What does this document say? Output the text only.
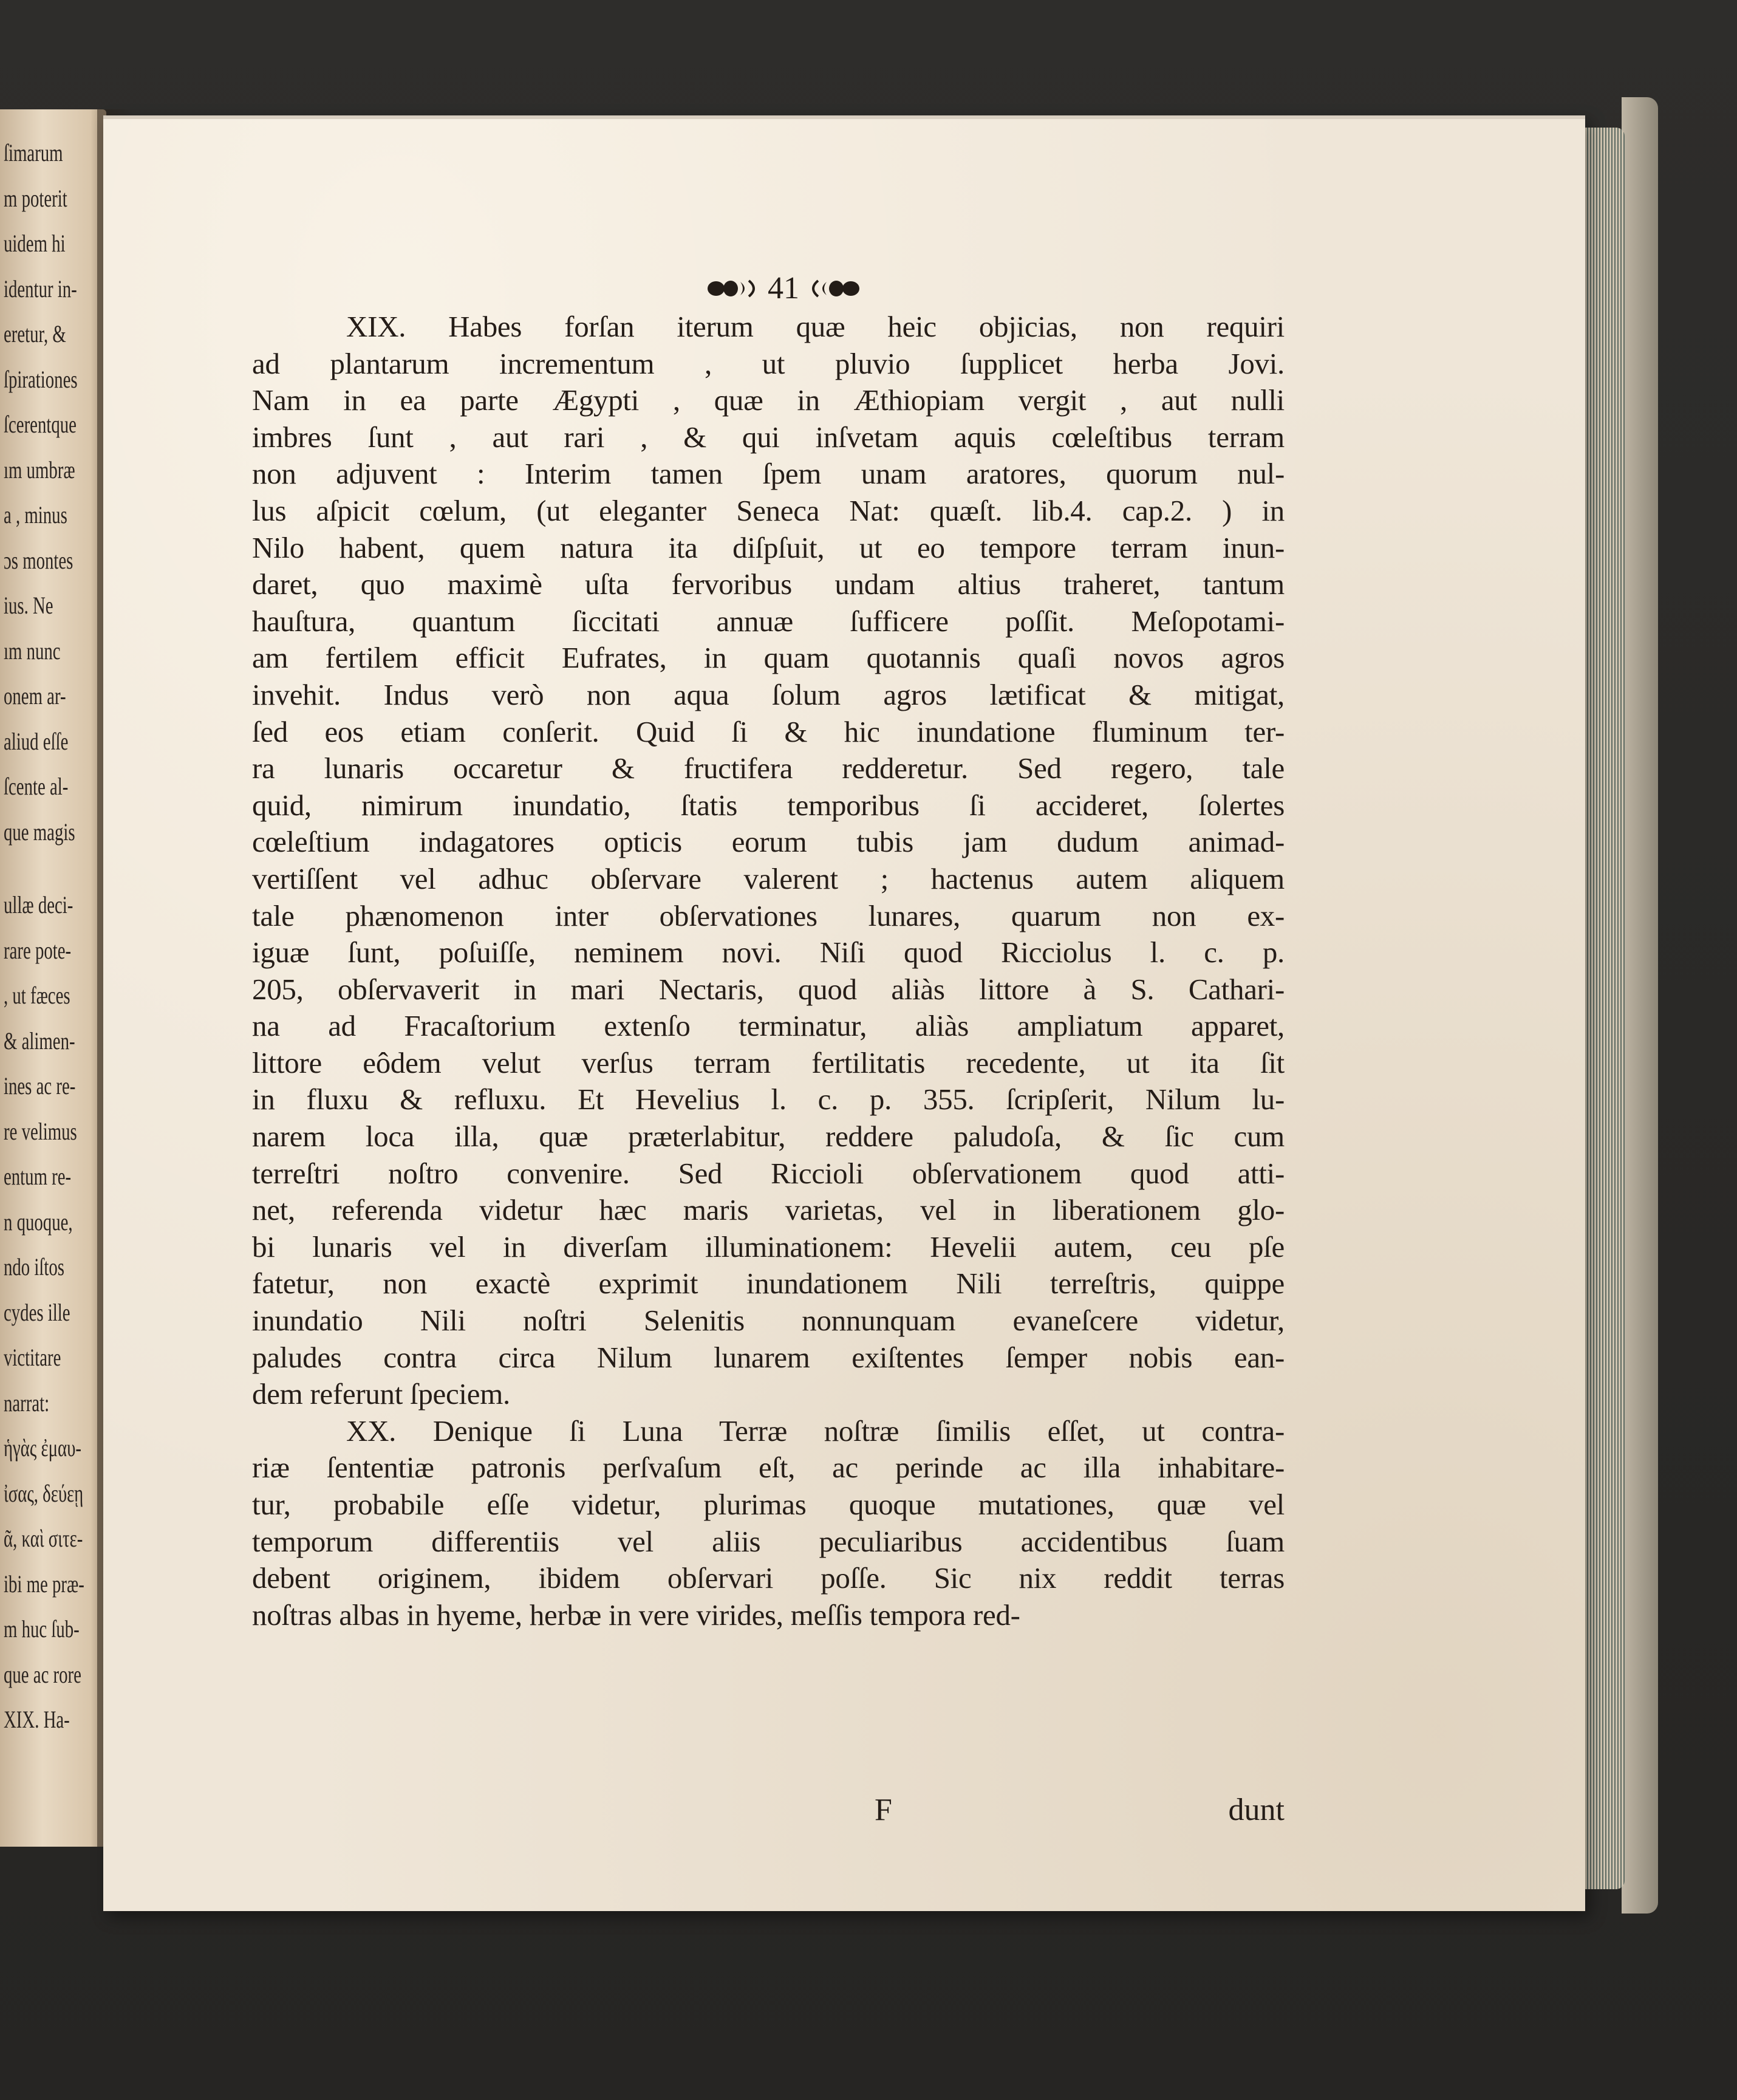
ſimarum
m poterit
uidem hi
identur in-
eretur, &
ſpirationes
ſcerentque
ım umbræ
a , minus
ɔs montes
ius. Ne
ım nunc
onem ar-
aliud eſſe
ſcente al-
que magis
ullæ deci-
rare pote-
, ut fæces
& alimen-
ines ac re-
re velimus
entum re-
n quoque,
ndo iſtos
cydes ille
victitare
narrat:
ἡγὰς ἐμαυ-
ἰσας, δεύεῃ
ᾶ, καὶ σιτε-
ibi me præ-
m huc ſub-
que ac rore
XIX. Ha-
41
XIX. Habes forſan iterum quæ heic objicias, non requiri
ad plantarum incrementum , ut pluvio ſupplicet herba Jovi.
Nam in ea parte Ægypti , quæ in Æthiopiam vergit , aut nulli
imbres ſunt , aut rari , & qui inſvetam aquis cœleſtibus terram
non adjuvent : Interim tamen ſpem unam aratores, quorum nul-
lus aſpicit cœlum, (ut eleganter Seneca Nat: quæſt. lib.4. cap.2. ) in
Nilo habent, quem natura ita diſpſuit, ut eo tempore terram inun-
daret, quo maximè uſta fervoribus undam altius traheret, tantum
hauſtura, quantum ſiccitati annuæ ſufficere poſſit. Meſopotami-
am fertilem efficit Eufrates, in quam quotannis quaſi novos agros
invehit. Indus verò non aqua ſolum agros lætificat & mitigat,
ſed eos etiam conſerit. Quid ſi & hic inundatione fluminum ter-
ra lunaris occaretur & fructifera redderetur. Sed regero, tale
quid, nimirum inundatio, ſtatis temporibus ſi accideret, ſolertes
cœleſtium indagatores opticis eorum tubis jam dudum animad-
vertiſſent vel adhuc obſervare valerent ; hactenus autem aliquem
tale phænomenon inter obſervationes lunares, quarum non ex-
iguæ ſunt, poſuiſſe, neminem novi. Niſi quod Ricciolus l. c. p.
205, obſervaverit in mari Nectaris, quod aliàs littore à S. Cathari-
na ad Fracaſtorium extenſo terminatur, aliàs ampliatum apparet,
littore eôdem velut verſus terram fertilitatis recedente, ut ita ſit
in fluxu & refluxu. Et Hevelius l. c. p. 355. ſcripſerit, Nilum lu-
narem loca illa, quæ præterlabitur, reddere paludoſa, & ſic cum
terreſtri noſtro convenire. Sed Riccioli obſervationem quod atti-
net, referenda videtur hæc maris varietas, vel in liberationem glo-
bi lunaris vel in diverſam illuminationem: Hevelii autem, ceu pſe
fatetur, non exactè exprimit inundationem Nili terreſtris, quippe
inundatio Nili noſtri Selenitis nonnunquam evaneſcere videtur,
paludes contra circa Nilum lunarem exiſtentes ſemper nobis ean-
dem referunt ſpeciem.
XX. Denique ſi Luna Terræ noſtræ ſimilis eſſet, ut contra-
riæ ſententiæ patronis perſvaſum eſt, ac perinde ac illa inhabitare-
tur, probabile eſſe videtur, plurimas quoque mutationes, quæ vel
temporum differentiis vel aliis peculiaribus accidentibus ſuam
debent originem, ibidem obſervari poſſe. Sic nix reddit terras
noſtras albas in hyeme, herbæ in vere virides, meſſis tempora red-
F	dunt
